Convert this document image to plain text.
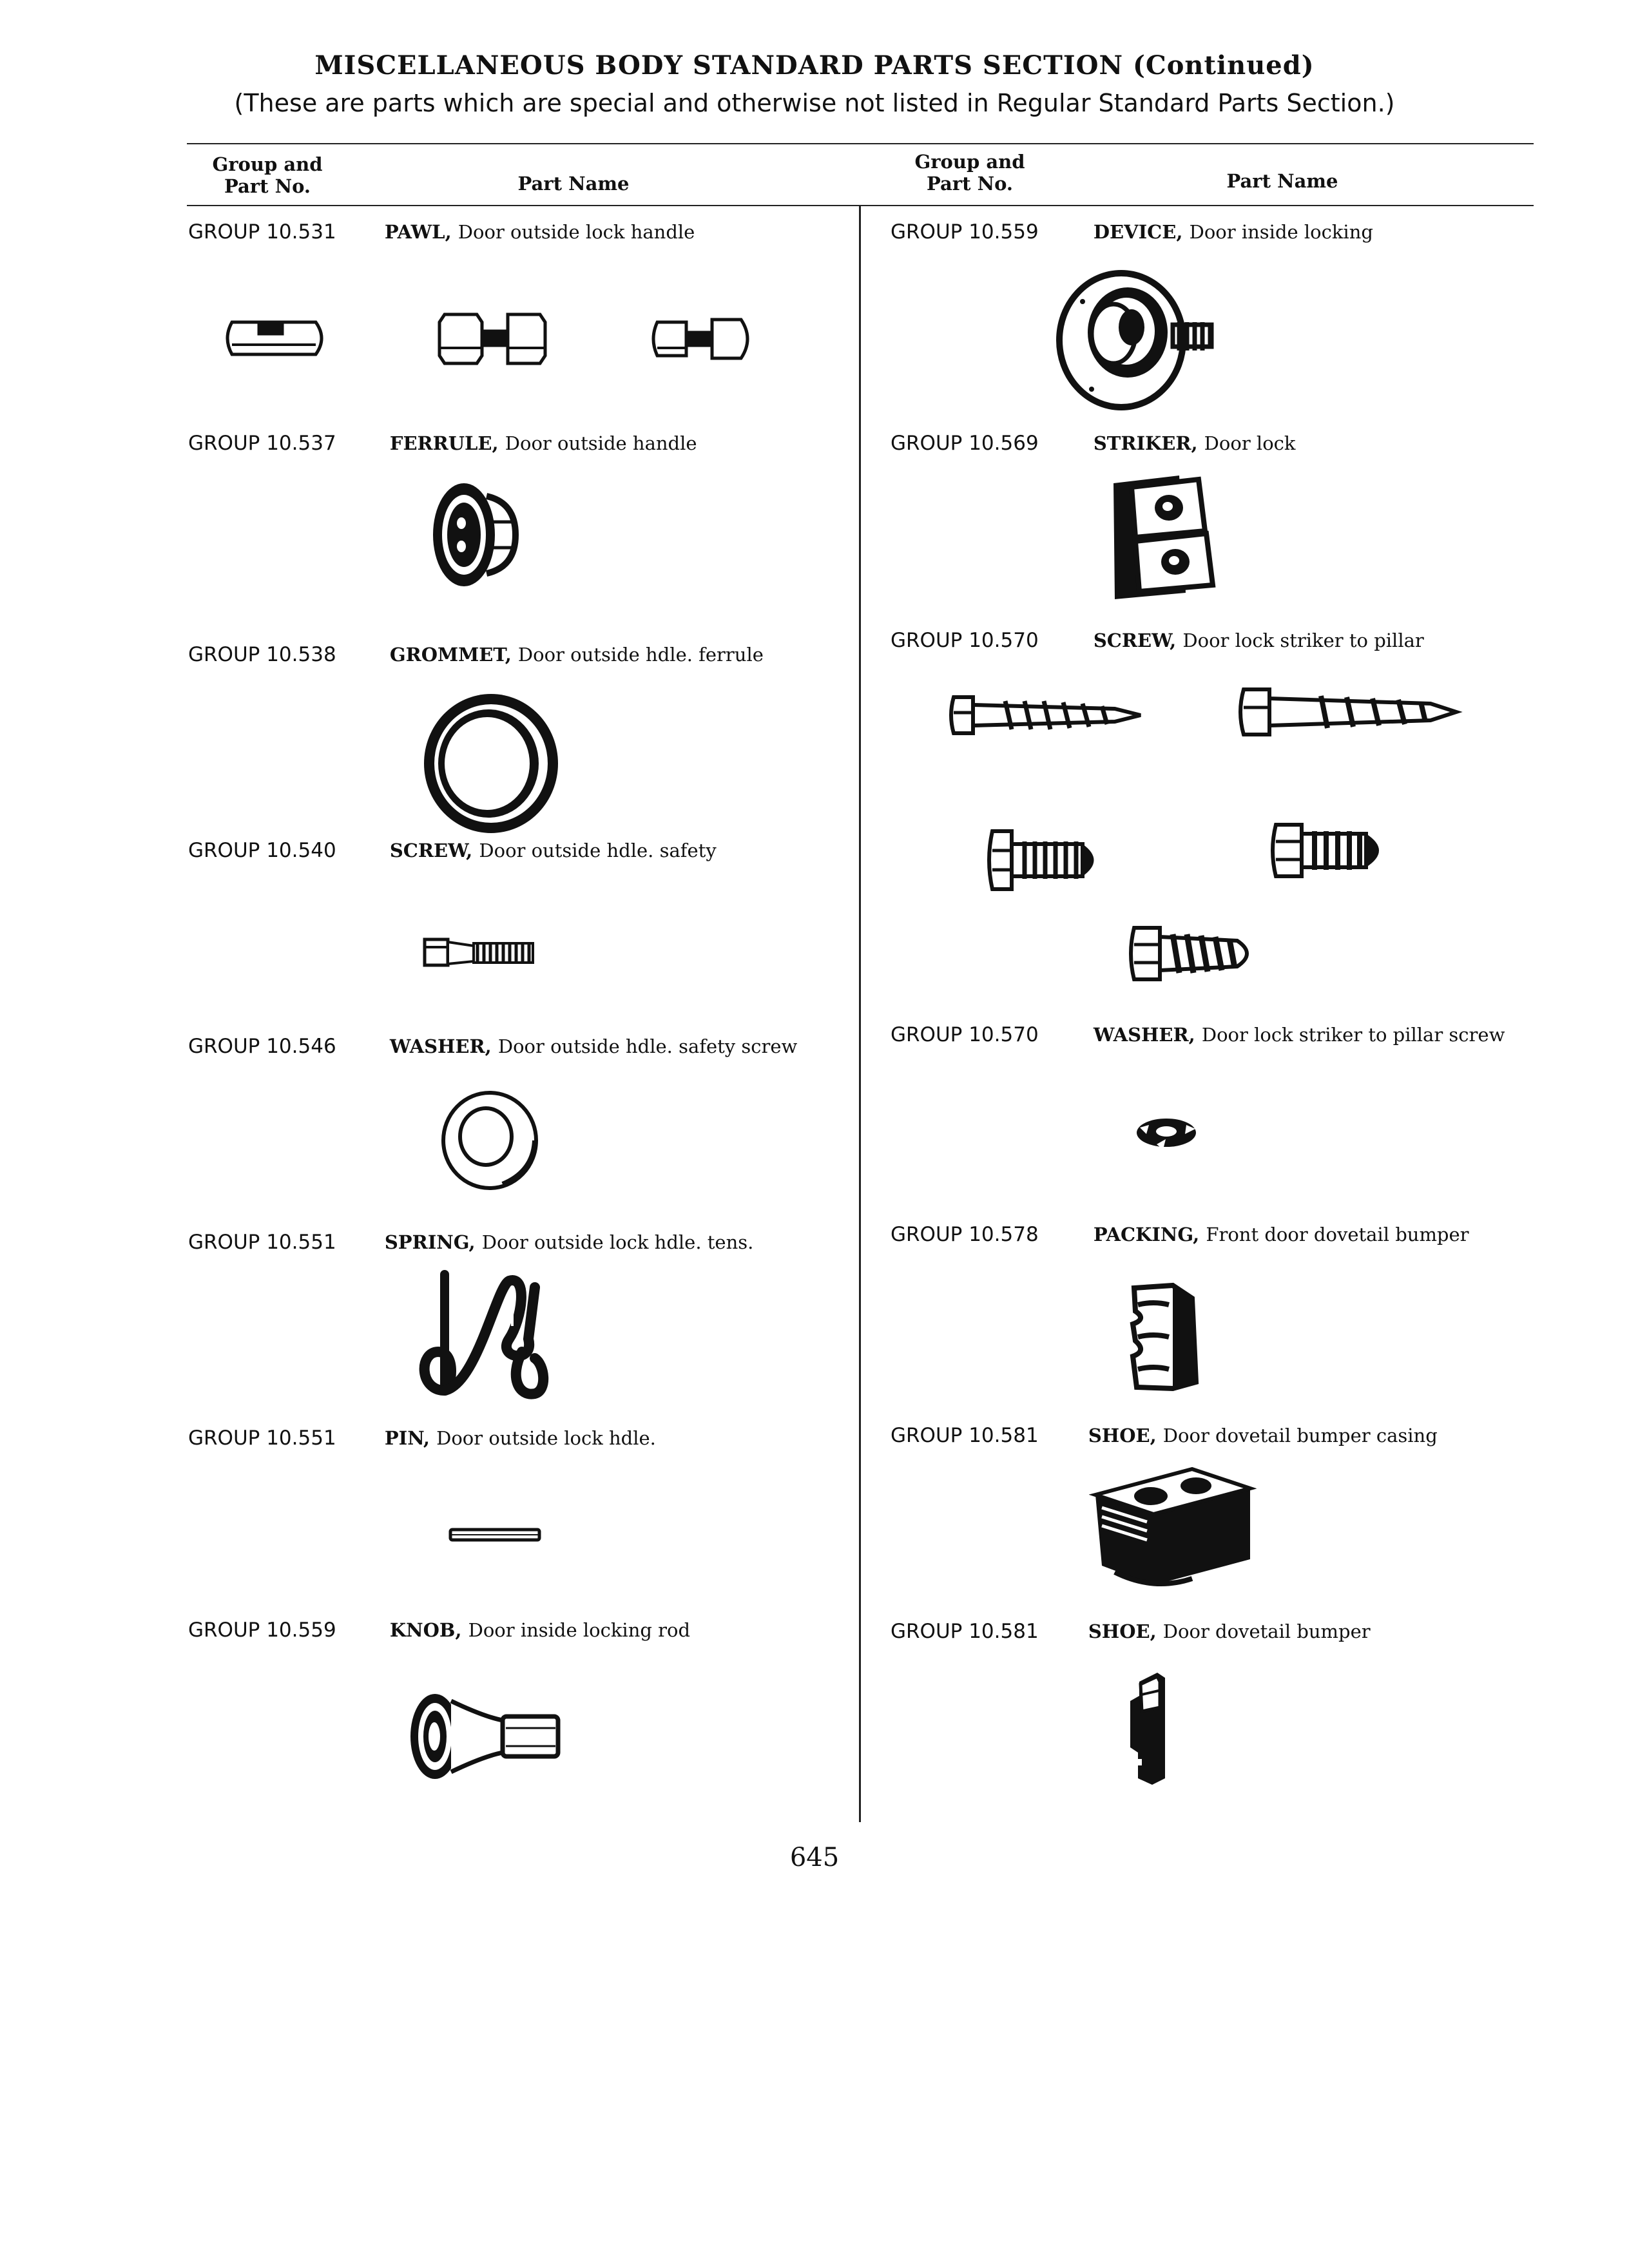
MISCELLANEOUS BODY STANDARD PARTS SECTION (Continued)
(These are parts which are special and otherwise not listed in Regular Standard Parts Section.)
Group and
Part No.	Part Name
Group and
Part No.	Part Name
GROUP 10.531	PAWL, Door outside lock handle
GROUP 10.537	FERRULE, Door outside handle
GROUP 10.538	GROMMET, Door outside hdle. ferrule
GROUP 10.540	SCREW, Door outside hdle. safety
GROUP 10.546	WASHER, Door outside hdle. safety screw
GROUP 10.551	SPRING, Door outside lock hdle. tens.
GROUP 10.551	PIN, Door outside lock hdle.
GROUP 10.559	KNOB, Door inside locking rod
GROUP 10.559	DEVICE, Door inside locking
GROUP 10.569	STRIKER, Door lock
GROUP 10.570	SCREW, Door lock striker to pillar
GROUP 10.570	WASHER, Door lock striker to pillar screw
GROUP 10.578	PACKING, Front door dovetail bumper
GROUP 10.581	SHOE, Door dovetail bumper casing
GROUP 10.581	SHOE, Door dovetail bumper
645
